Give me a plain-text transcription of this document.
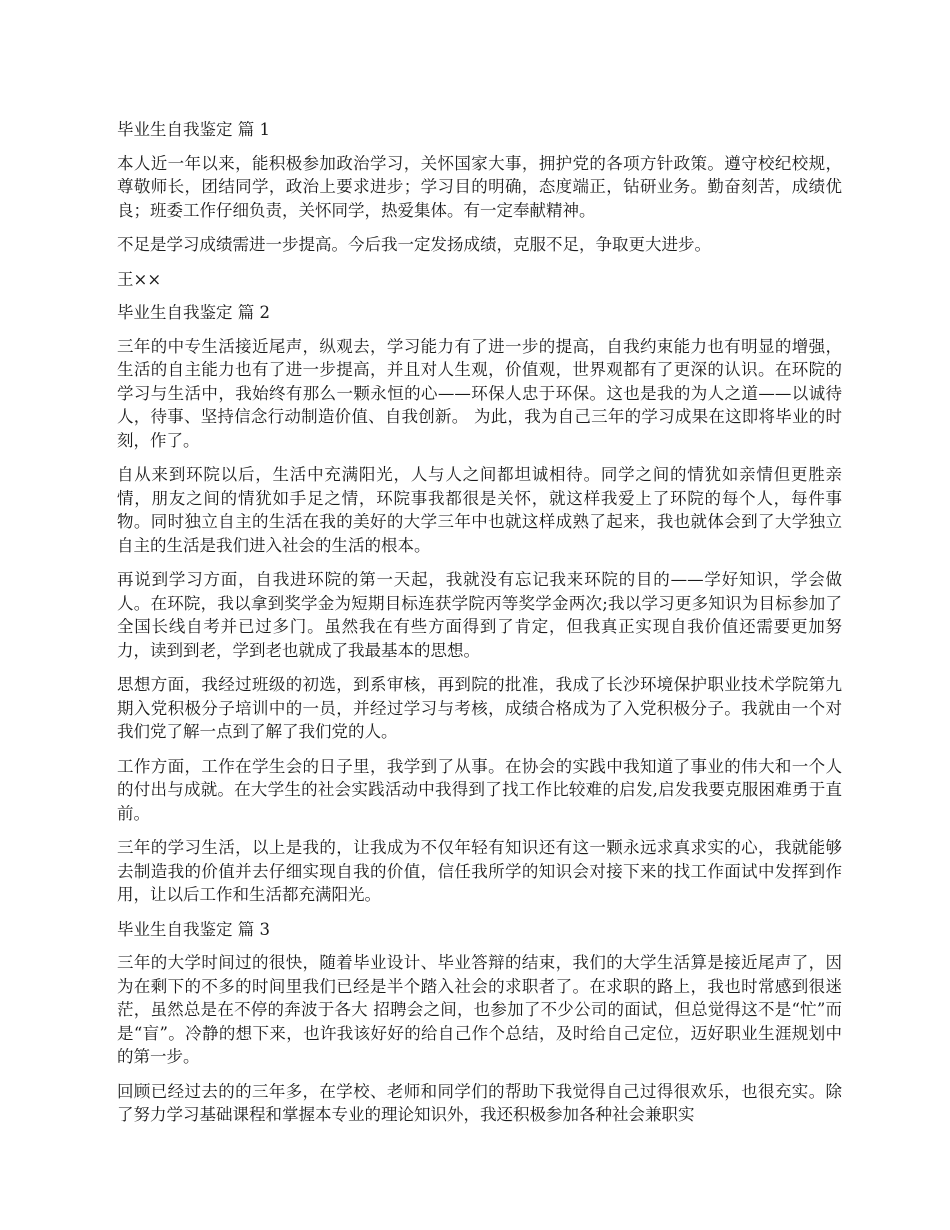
毕业生自我鉴定 篇 1

本人近一年以来，能积极参加政治学习，关怀国家大事，拥护党的各项方针政策。遵守校纪校规，尊敬师长，团结同学，政治上要求进步；学习目的明确，态度端正，钻研业务。勤奋刻苦，成绩优良；班委工作仔细负责，关怀同学，热爱集体。有一定奉献精神。

不足是学习成绩需进一步提高。今后我一定发扬成绩，克服不足，争取更大进步。

王××

毕业生自我鉴定 篇 2

三年的中专生活接近尾声，纵观去，学习能力有了进一步的提高，自我约束能力也有明显的增强，生活的自主能力也有了进一步提高，并且对人生观，价值观，世界观都有了更深的认识。在环院的学习与生活中，我始终有那么一颗永恒的心——环保人忠于环保。这也是我的为人之道——以诚待人，待事、坚持信念行动制造价值、自我创新。 为此，我为自己三年的学习成果在这即将毕业的时刻，作了。

自从来到环院以后，生活中充满阳光，人与人之间都坦诚相待。同学之间的情犹如亲情但更胜亲情，朋友之间的情犹如手足之情，环院事我都很是关怀，就这样我爱上了环院的每个人，每件事物。同时独立自主的生活在我的美好的大学三年中也就这样成熟了起来，我也就体会到了大学独立自主的生活是我们进入社会的生活的根本。

再说到学习方面，自我进环院的第一天起，我就没有忘记我来环院的目的——学好知识，学会做人。在环院，我以拿到奖学金为短期目标连获学院丙等奖学金两次;我以学习更多知识为目标参加了全国长线自考并已过多门。虽然我在有些方面得到了肯定，但我真正实现自我价值还需要更加努力，读到到老，学到老也就成了我最基本的思想。

思想方面，我经过班级的初选，到系审核，再到院的批准，我成了长沙环境保护职业技术学院第九期入党积极分子培训中的一员，并经过学习与考核，成绩合格成为了入党积极分子。我就由一个对我们党了解一点到了解了我们党的人。

工作方面，工作在学生会的日子里，我学到了从事。在协会的实践中我知道了事业的伟大和一个人的付出与成就。在大学生的社会实践活动中我得到了找工作比较难的启发,启发我要克服困难勇于直前。

三年的学习生活，以上是我的，让我成为不仅年轻有知识还有这一颗永远求真求实的心，我就能够去制造我的价值并去仔细实现自我的价值，信任我所学的知识会对接下来的找工作面试中发挥到作用，让以后工作和生活都充满阳光。

毕业生自我鉴定 篇 3

三年的大学时间过的很快，随着毕业设计、毕业答辩的结束，我们的大学生活算是接近尾声了，因为在剩下的不多的时间里我们已经是半个踏入社会的求职者了。在求职的路上，我也时常感到很迷茫，虽然总是在不停的奔波于各大 招聘会之间，也参加了不少公司的面试，但总觉得这不是“忙”而是“盲”。冷静的想下来，也许我该好好的给自己作个总结，及时给自己定位，迈好职业生涯规划中的第一步。

回顾已经过去的的三年多，在学校、老师和同学们的帮助下我觉得自己过得很欢乐，也很充实。除了努力学习基础课程和掌握本专业的理论知识外，我还积极参加各种社会兼职实
